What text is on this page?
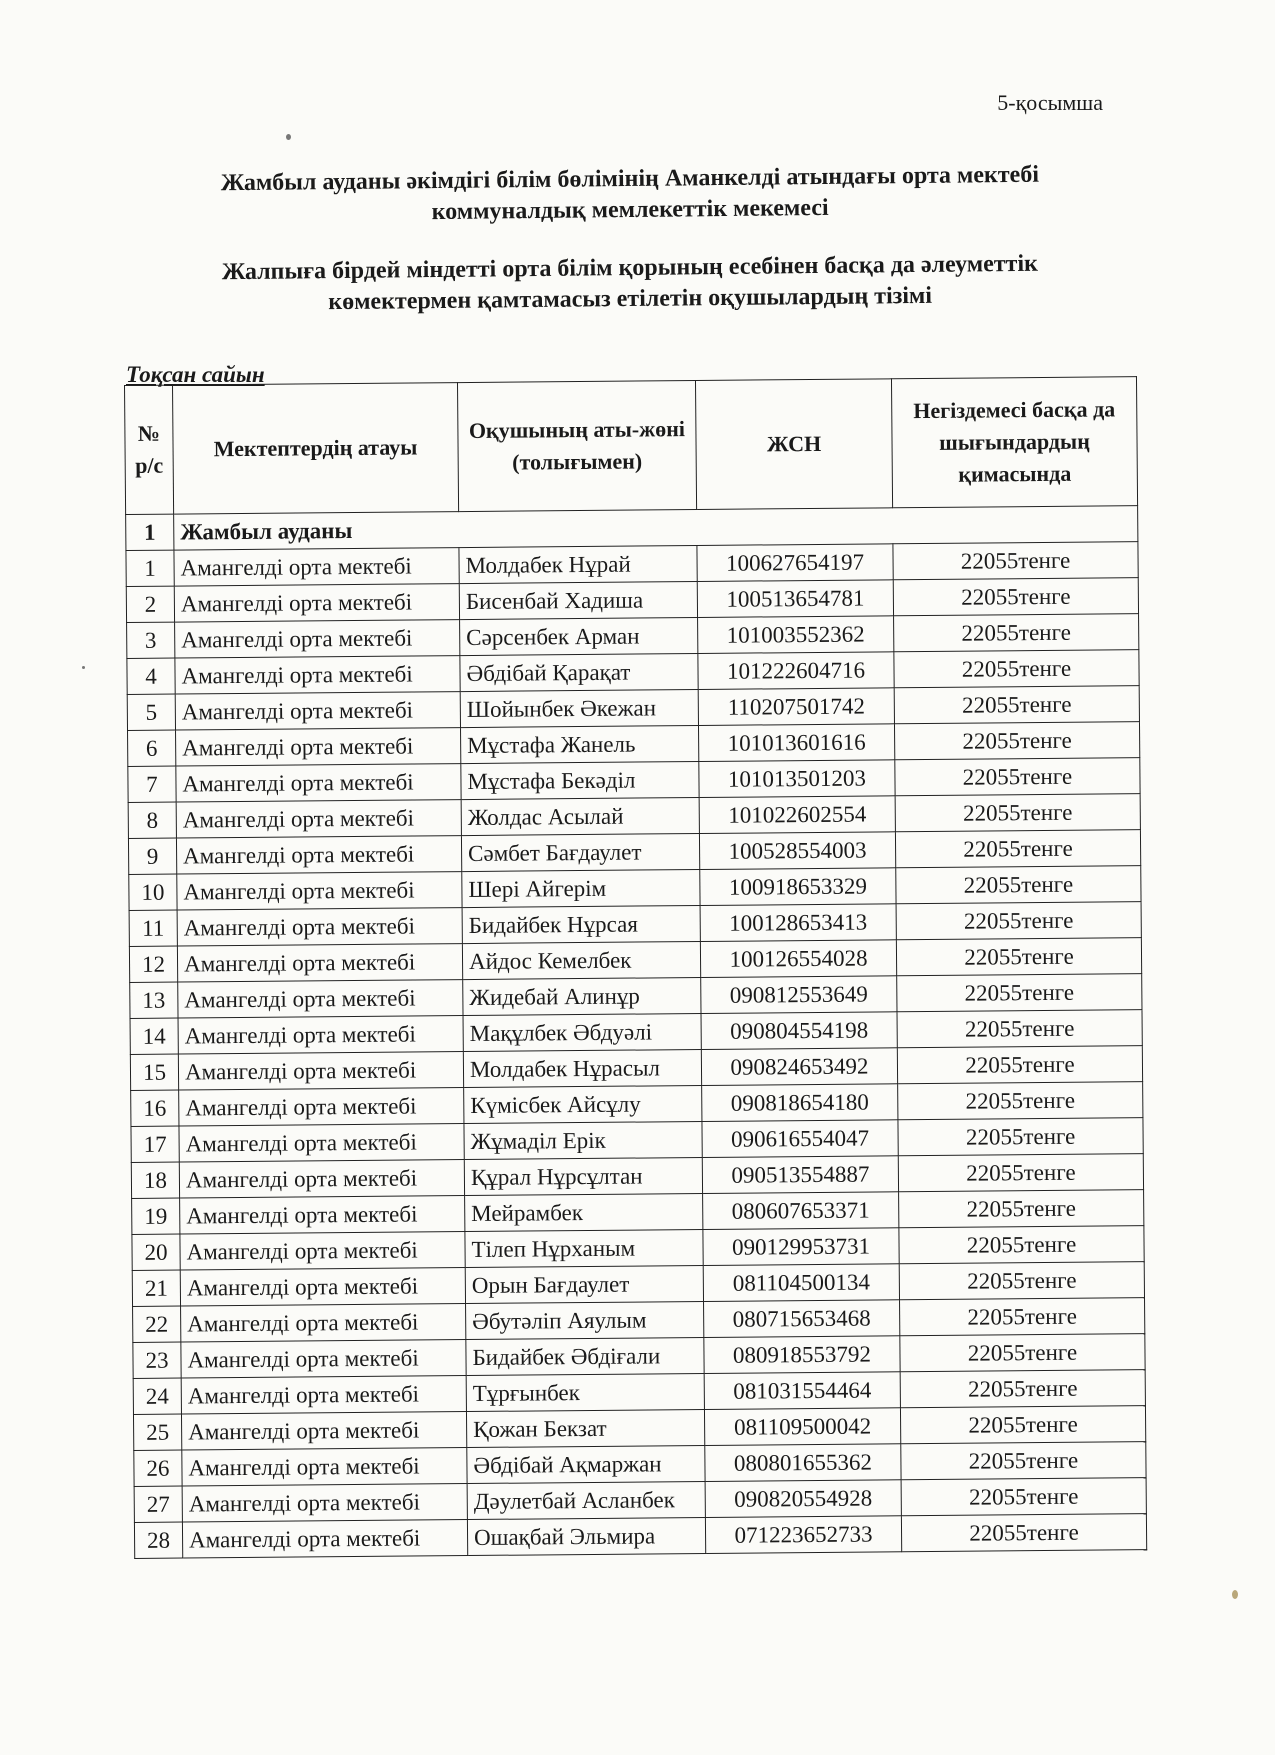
5-қосымша
Жамбыл ауданы әкімдігі білім бөлімінің Аманкелді атындағы орта мектебі
коммуналдық мемлекеттік мекемесі
Жалпыға бірдей міндетті орта білім қорының есебінен басқа да әлеуметтік
көмектермен қамтамасыз етілетін оқушылардың тізімі
Тоқсан сайын
№ р/с	Мектептердің атауы	Оқушының аты-жөні (толығымен)	ЖСН	Негіздемесі басқа да шығындардың қимасында
1	Жамбыл ауданы			
1	Амангелді орта мектебі	Молдабек Нұрай	100627654197	22055тенге
2	Амангелді орта мектебі	Бисенбай Хадиша	100513654781	22055тенге
3	Амангелді орта мектебі	Сәрсенбек Арман	101003552362	22055тенге
4	Амангелді орта мектебі	Әбдібай Қарақат	101222604716	22055тенге
5	Амангелді орта мектебі	Шойынбек Әкежан	110207501742	22055тенге
6	Амангелді орта мектебі	Мұстафа Жанель	101013601616	22055тенге
7	Амангелді орта мектебі	Мұстафа Бекәділ	101013501203	22055тенге
8	Амангелді орта мектебі	Жолдас Асылай	101022602554	22055тенге
9	Амангелді орта мектебі	Сәмбет Бағдаулет	100528554003	22055тенге
10	Амангелді орта мектебі	Шері Айгерім	100918653329	22055тенге
11	Амангелді орта мектебі	Бидайбек Нұрсая	100128653413	22055тенге
12	Амангелді орта мектебі	Айдос Кемелбек	100126554028	22055тенге
13	Амангелді орта мектебі	Жидебай Алинұр	090812553649	22055тенге
14	Амангелді орта мектебі	Мақұлбек Әбдуәлі	090804554198	22055тенге
15	Амангелді орта мектебі	Молдабек Нұрасыл	090824653492	22055тенге
16	Амангелді орта мектебі	Күмісбек Айсұлу	090818654180	22055тенге
17	Амангелді орта мектебі	Жұмаділ Ерік	090616554047	22055тенге
18	Амангелді орта мектебі	Құрал Нұрсұлтан	090513554887	22055тенге
19	Амангелді орта мектебі	Мейрамбек	080607653371	22055тенге
20	Амангелді орта мектебі	Тілеп Нұрханым	090129953731	22055тенге
21	Амангелді орта мектебі	Орын Бағдаулет	081104500134	22055тенге
22	Амангелді орта мектебі	Әбутәліп Аяулым	080715653468	22055тенге
23	Амангелді орта мектебі	Бидайбек Әбдіғали	080918553792	22055тенге
24	Амангелді орта мектебі	Тұрғынбек	081031554464	22055тенге
25	Амангелді орта мектебі	Қожан Бекзат	081109500042	22055тенге
26	Амангелді орта мектебі	Әбдібай Ақмаржан	080801655362	22055тенге
27	Амангелді орта мектебі	Дәулетбай Асланбек	090820554928	22055тенге
28	Амангелді орта мектебі	Ошақбай Эльмира	071223652733	22055тенге
